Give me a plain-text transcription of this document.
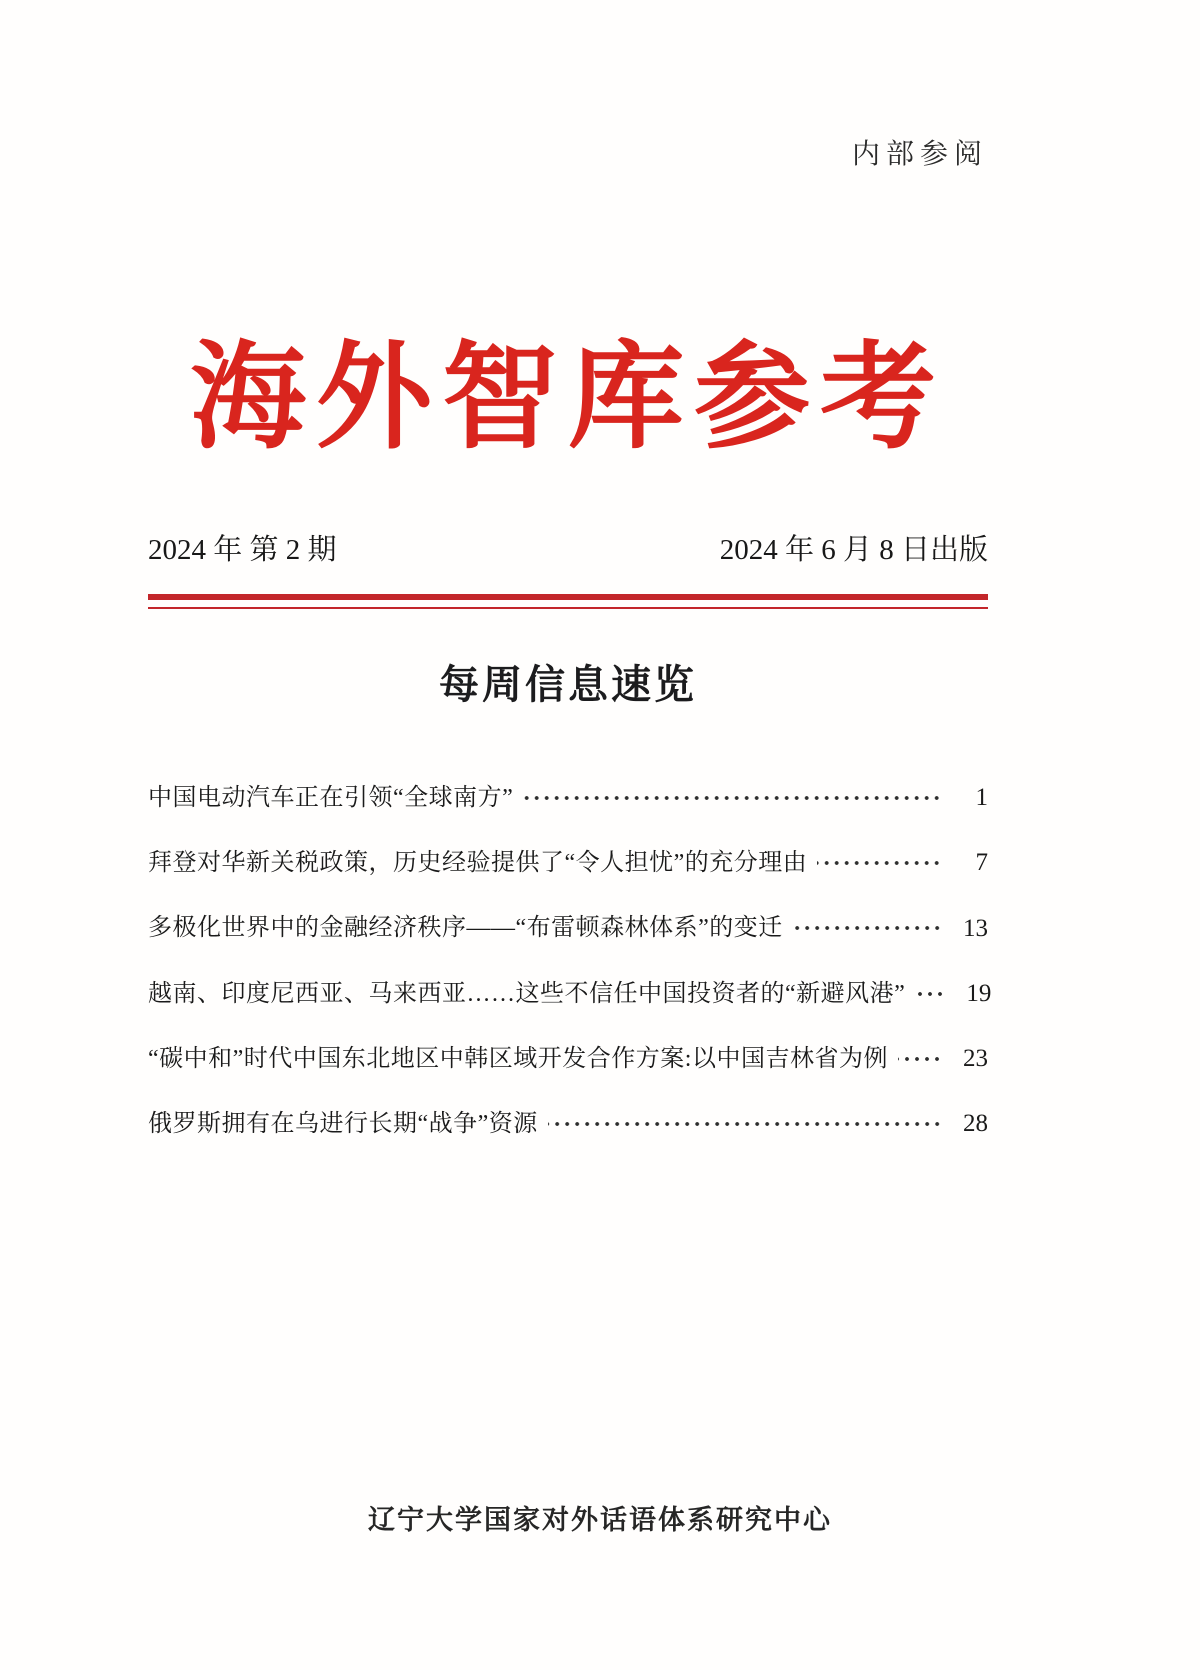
内部参阅
海外智库参考
2024 年 第 2 期	2024 年 6 月 8 日出版
每周信息速览
中国电动汽车正在引领“全球南方”	1
拜登对华新关税政策，历史经验提供了“令人担忧”的充分理由	7
多极化世界中的金融经济秩序——“布雷顿森林体系”的变迁	13
越南、印度尼西亚、马来西亚……这些不信任中国投资者的“新避风港”	19
“碳中和”时代中国东北地区中韩区域开发合作方案:以中国吉林省为例	23
俄罗斯拥有在乌进行长期“战争”资源	28
辽宁大学国家对外话语体系研究中心
